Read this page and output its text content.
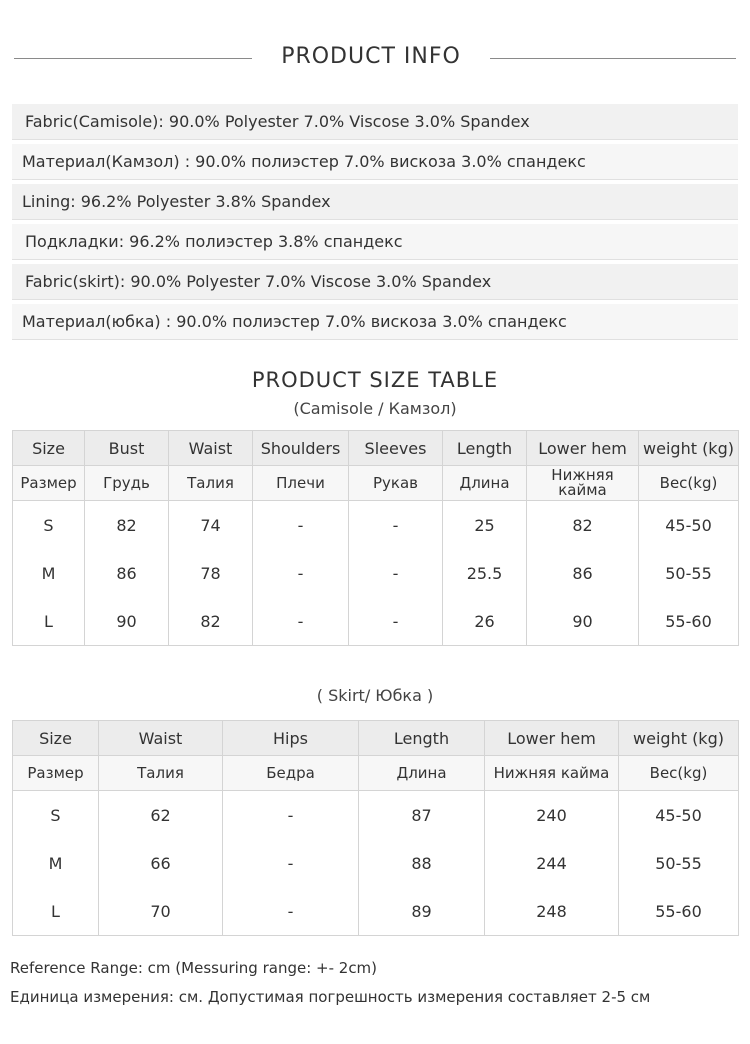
PRODUCT INFO
Fabric(Camisole): 90.0% Polyester 7.0% Viscose 3.0% Spandex
Материал(Камзол) : 90.0% полиэстер 7.0% вискоза 3.0% спандекс
Lining: 96.2% Polyester 3.8% Spandex
Подкладки: 96.2% полиэстер 3.8% спандекс
Fabric(skirt): 90.0% Polyester 7.0% Viscose 3.0% Spandex
Материал(юбка) : 90.0% полиэстер 7.0% вискоза 3.0% спандекс
PRODUCT SIZE TABLE
(Camisole / Камзол)
Size	Bust	Waist	Shoulders	Sleeves	Length	Lower hem	weight (kg)
Размер	Грудь	Талия	Плечи	Рукав	Длина	Нижняя кайма	Вес(kg)
S	82	74	-	-	25	82	45-50
M	86	78	-	-	25.5	86	50-55
L	90	82	-	-	26	90	55-60
( Skirt/ Юбка )
Size	Waist	Hips	Length	Lower hem	weight (kg)
Размер	Талия	Бедра	Длина	Нижняя кайма	Вес(kg)
S	62	-	87	240	45-50
M	66	-	88	244	50-55
L	70	-	89	248	55-60
Reference Range: cm (Messuring range: +- 2cm)
Единица измерения: см. Допустимая погрешность измерения составляет 2-5 см
